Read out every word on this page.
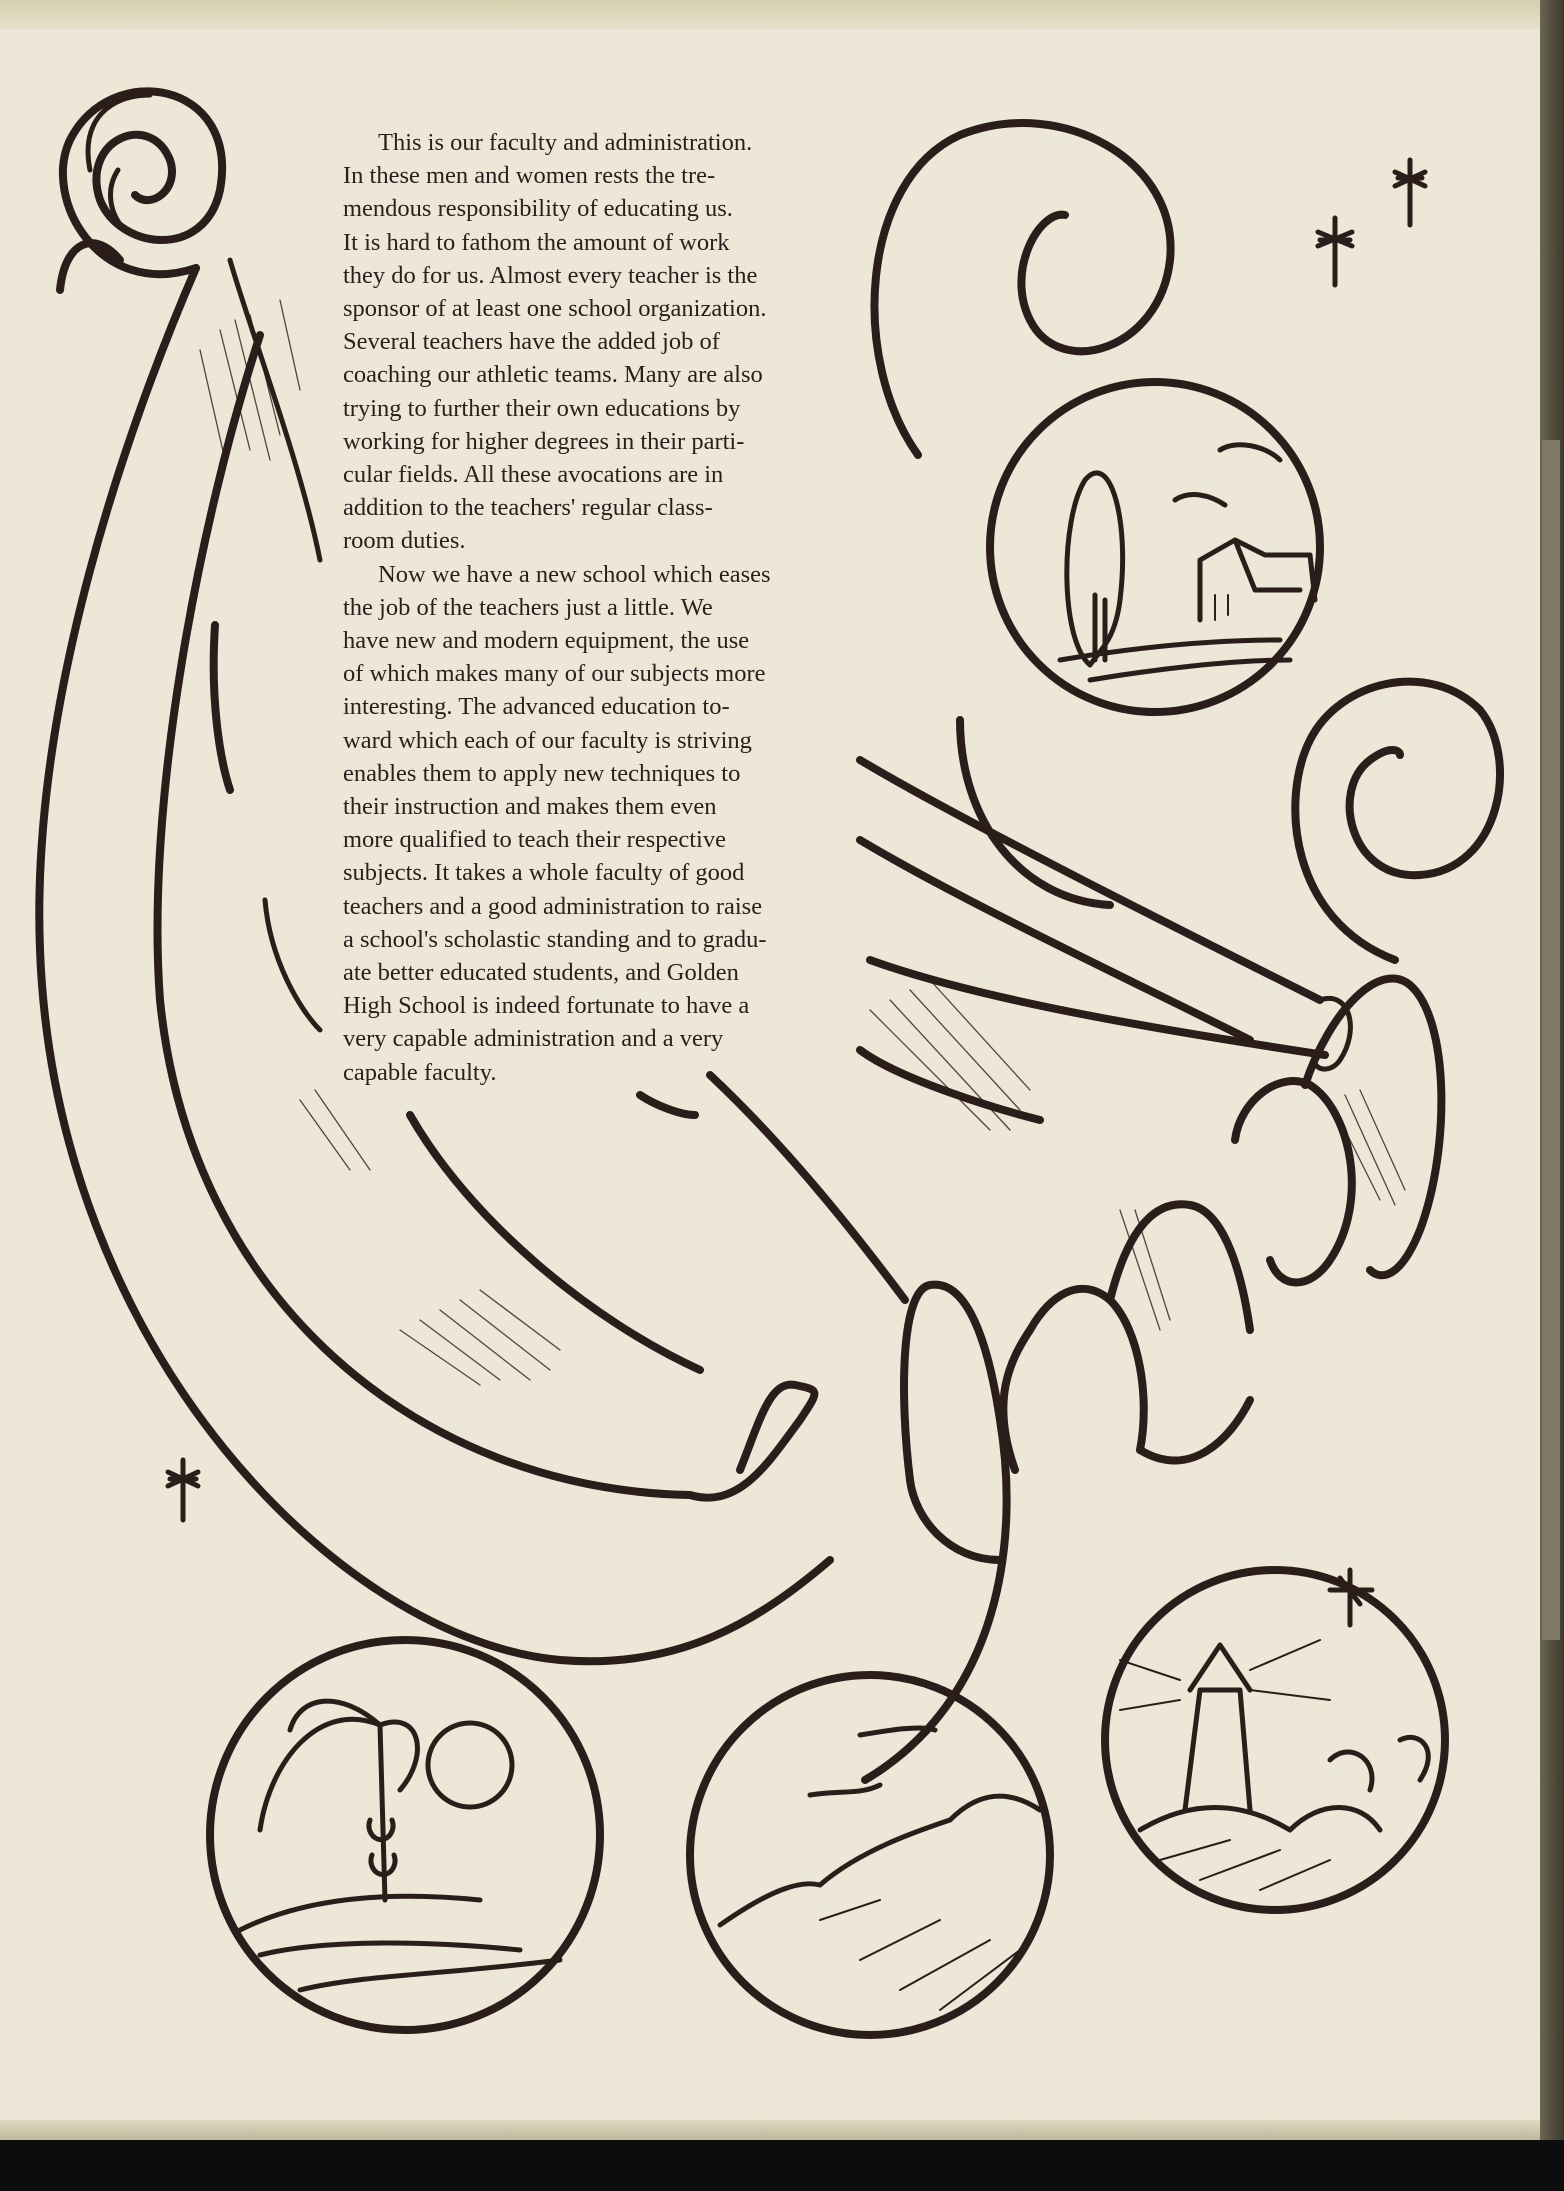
This is our faculty and administration.
In these men and women rests the tre-
mendous responsibility of educating us.
It is hard to fathom the amount of work
they do for us. Almost every teacher is the
sponsor of at least one school organization.
Several teachers have the added job of
coaching our athletic teams. Many are also
trying to further their own educations by
working for higher degrees in their parti-
cular fields. All these avocations are in
addition to the teachers' regular class-
room duties.

Now we have a new school which eases
the job of the teachers just a little. We
have new and modern equipment, the use
of which makes many of our subjects more
interesting. The advanced education to-
ward which each of our faculty is striving
enables them to apply new techniques to
their instruction and makes them even
more qualified to teach their respective
subjects. It takes a whole faculty of good
teachers and a good administration to raise
a school's scholastic standing and to gradu-
ate better educated students, and Golden
High School is indeed fortunate to have a
very capable administration and a very
capable faculty.
